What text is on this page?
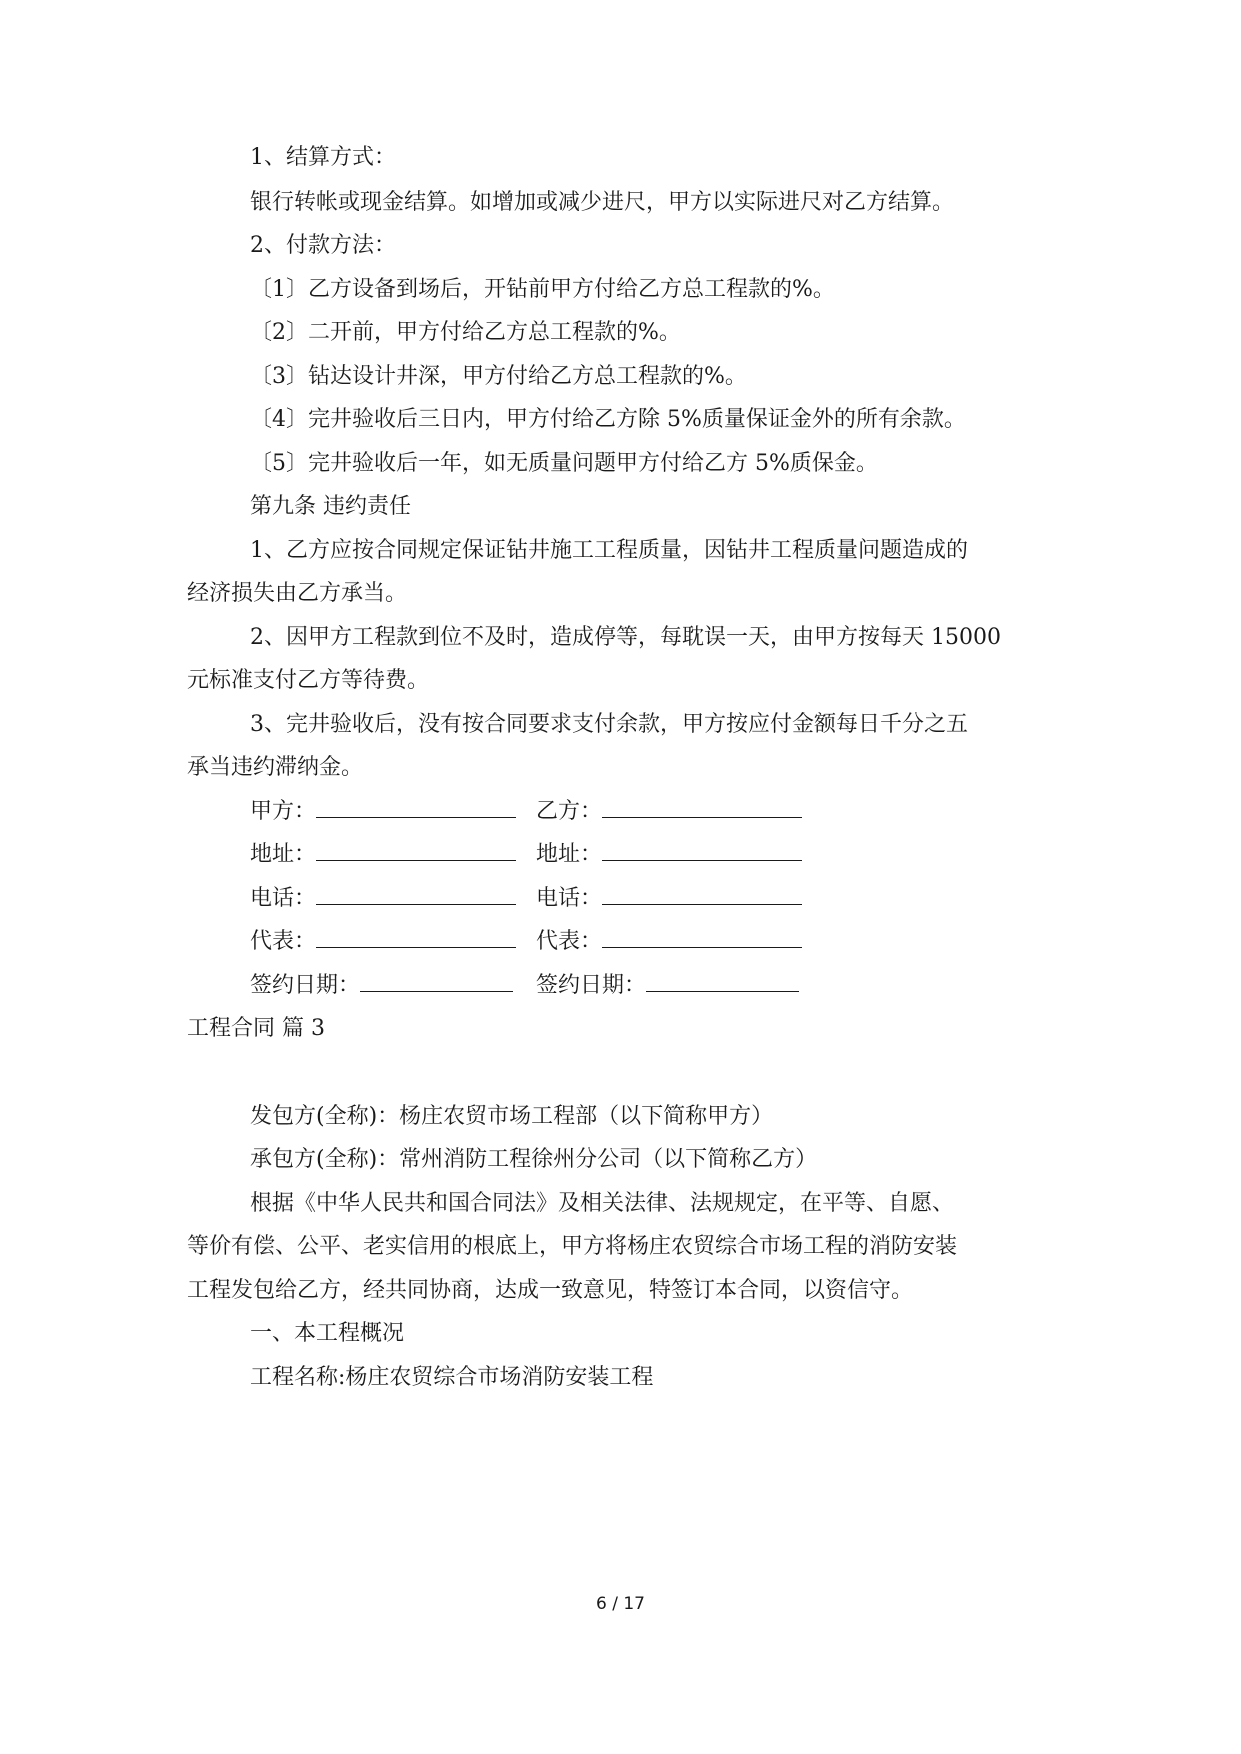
1、结算方式：
银行转帐或现金结算。如增加或减少进尺，甲方以实际进尺对乙方结算。
2、付款方法：
〔1〕乙方设备到场后，开钻前甲方付给乙方总工程款的%。
〔2〕二开前，甲方付给乙方总工程款的%。
〔3〕钻达设计井深，甲方付给乙方总工程款的%。
〔4〕完井验收后三日内，甲方付给乙方除 5%质量保证金外的所有余款。
〔5〕完井验收后一年，如无质量问题甲方付给乙方 5%质保金。
第九条 违约责任
1、乙方应按合同规定保证钻井施工工程质量，因钻井工程质量问题造成的
经济损失由乙方承当。
2、因甲方工程款到位不及时，造成停等，每耽误一天，由甲方按每天 15000
元标准支付乙方等待费。
3、完井验收后，没有按合同要求支付余款，甲方按应付金额每日千分之五
承当违约滞纳金。
甲方：	乙方：
地址：	地址：
电话：	电话：
代表：	代表：
签约日期：	签约日期：
工程合同 篇 3
发包方(全称)：杨庄农贸市场工程部（以下简称甲方）
承包方(全称)：常州消防工程徐州分公司（以下简称乙方）
根据《中华人民共和国合同法》及相关法律、法规规定，在平等、自愿、
等价有偿、公平、老实信用的根底上，甲方将杨庄农贸综合市场工程的消防安装
工程发包给乙方，经共同协商，达成一致意见，特签订本合同，以资信守。
一、本工程概况
工程名称:杨庄农贸综合市场消防安装工程
6 / 17
